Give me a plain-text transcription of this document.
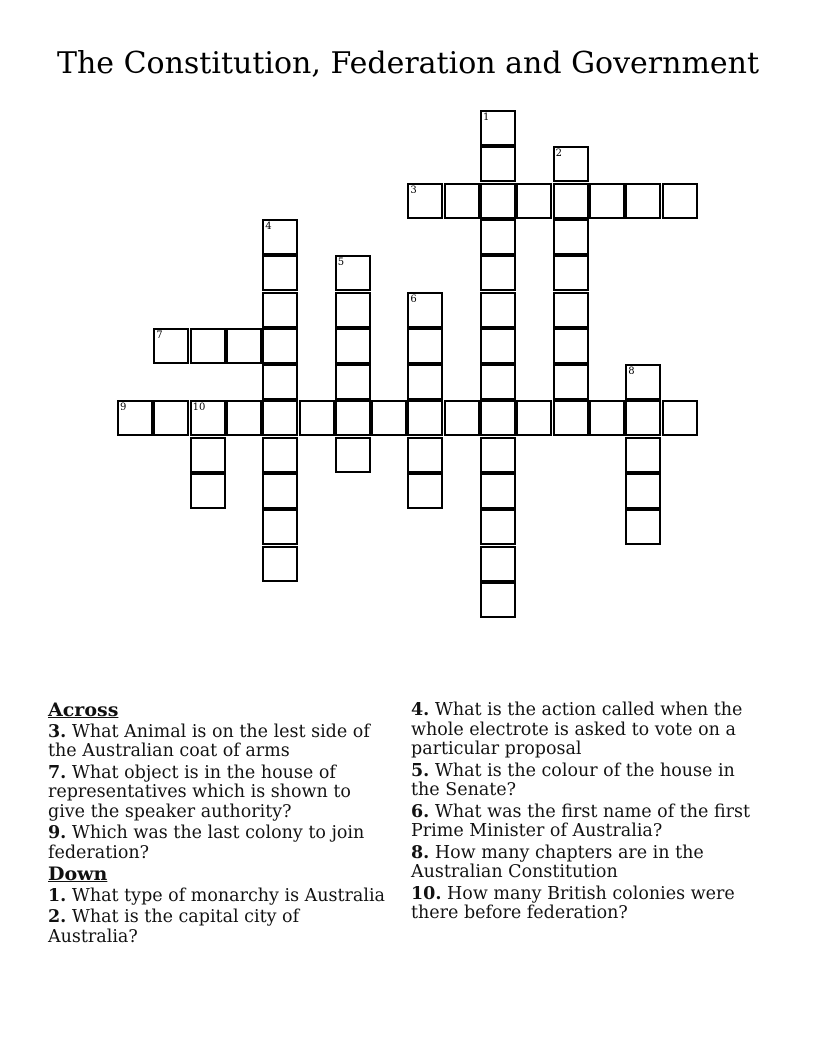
The Constitution, Federation and Government
1
2
3
4
5
6
7
8
9	10
Across
3. What Animal is on the lest side of the Australian coat of arms
7. What object is in the house of representatives which is shown to give the speaker authority?
9. Which was the last colony to join federation?
Down
1. What type of monarchy is Australia
2. What is the capital city of Australia?
4. What is the action called when the whole electrote is asked to vote on a particular proposal
5. What is the colour of the house in the Senate?
6. What was the first name of the first Prime Minister of Australia?
8. How many chapters are in the Australian Constitution
10. How many British colonies were there before federation?
